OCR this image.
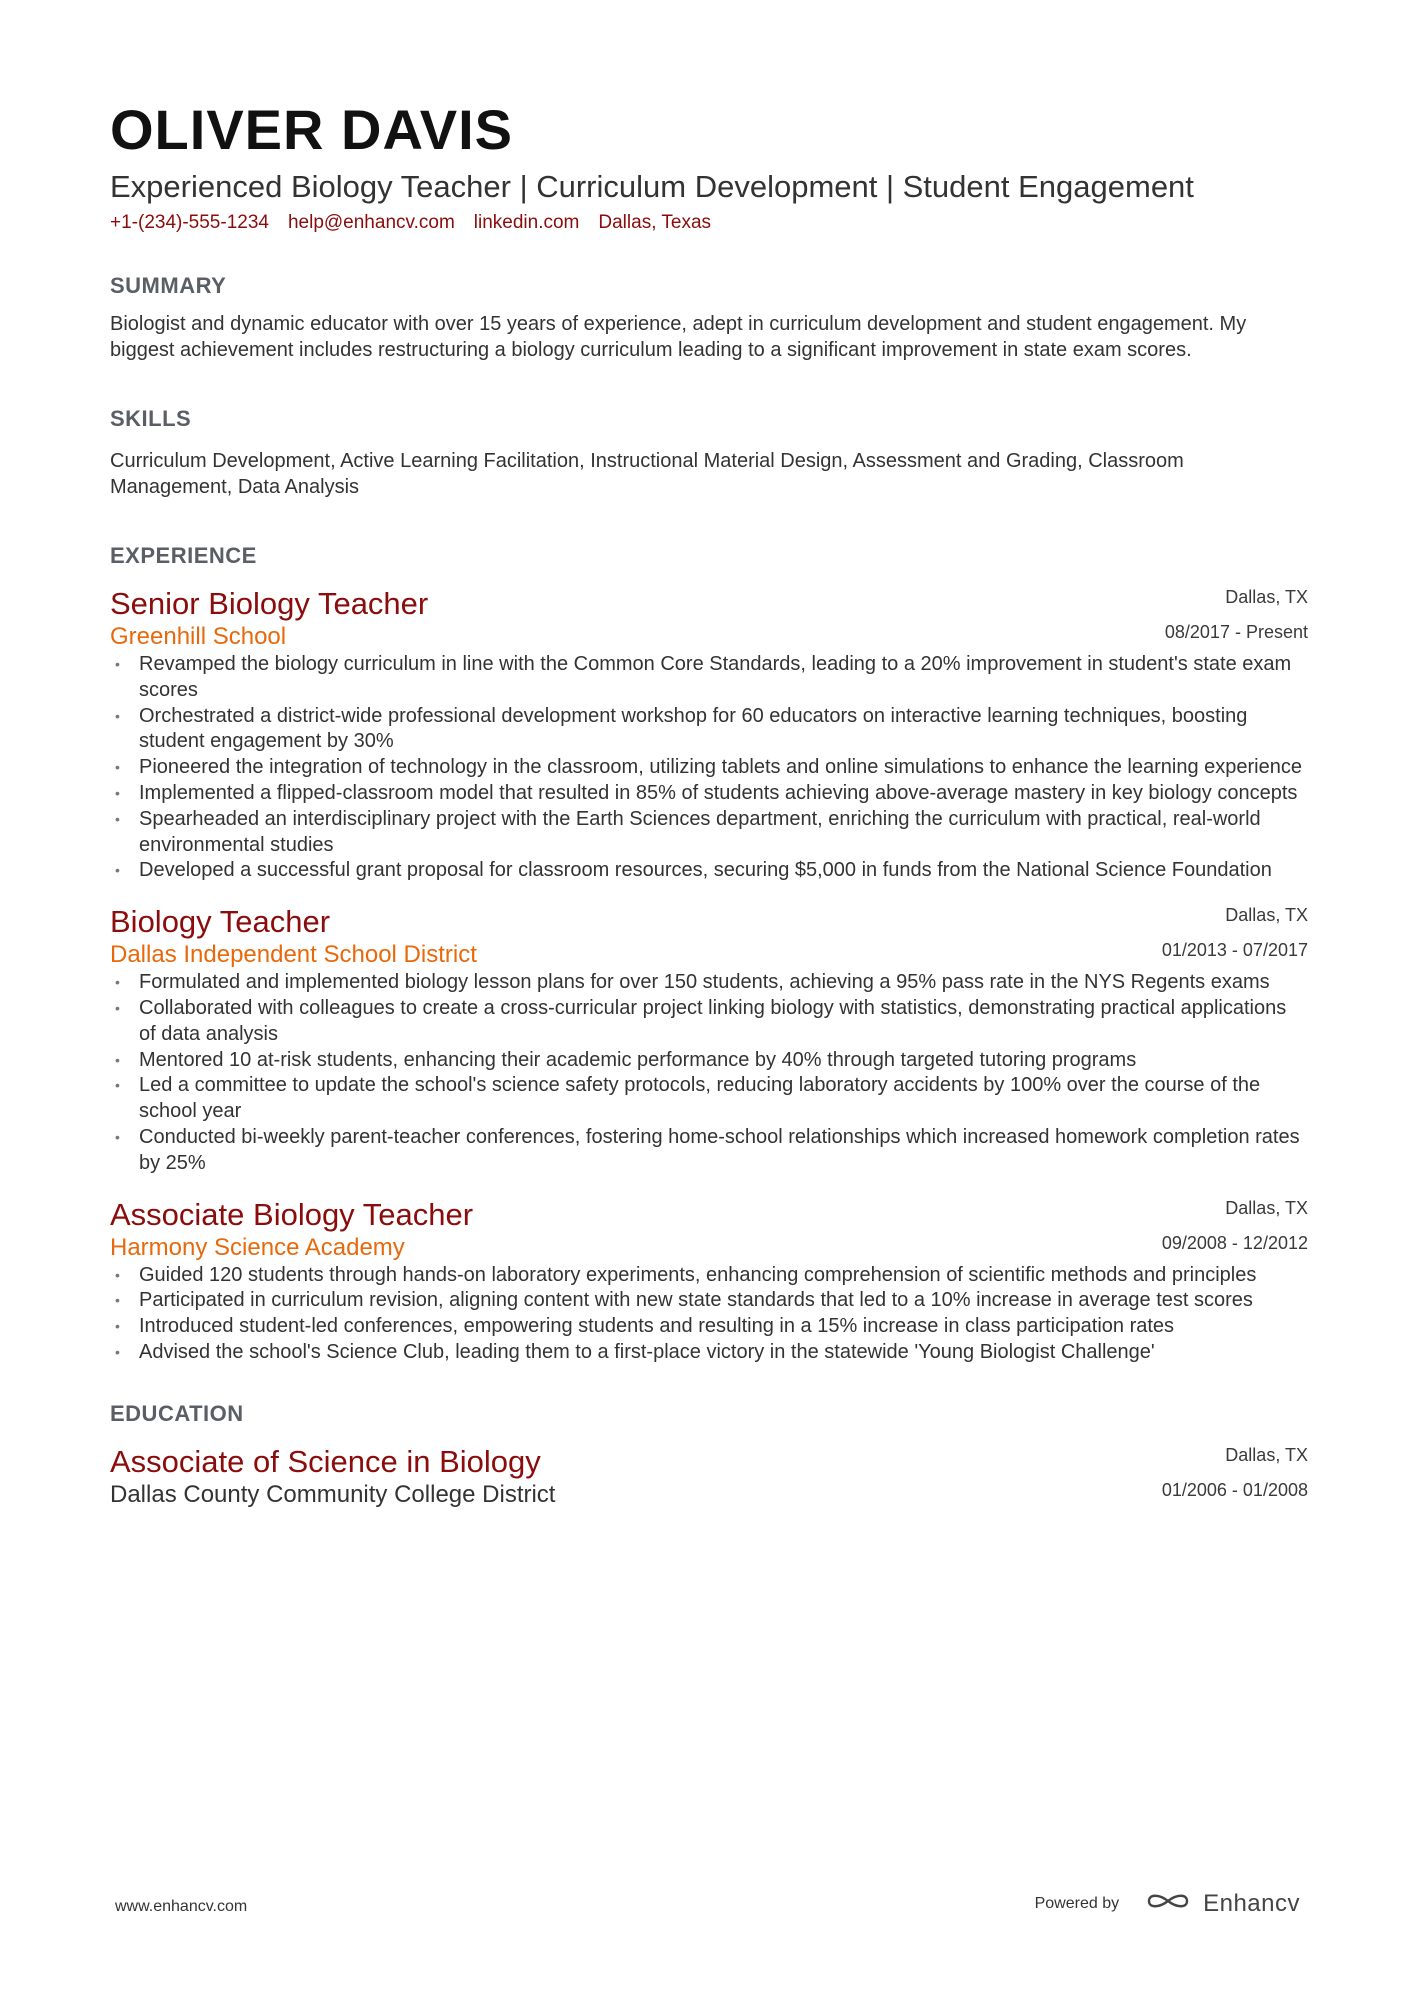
OLIVER DAVIS
Experienced Biology Teacher | Curriculum Development | Student Engagement
+1-(234)-555-1234 help@enhancv.com linkedin.com Dallas, Texas
SUMMARY
Biologist and dynamic educator with over 15 years of experience, adept in curriculum development and student engagement. My biggest achievement includes restructuring a biology curriculum leading to a significant improvement in state exam scores.
SKILLS
Curriculum Development, Active Learning Facilitation, Instructional Material Design, Assessment and Grading, Classroom Management, Data Analysis
EXPERIENCE
Senior Biology Teacher
Greenhill School
Dallas, TX
08/2017 - Present
• Revamped the biology curriculum in line with the Common Core Standards, leading to a 20% improvement in student's state exam scores
• Orchestrated a district-wide professional development workshop for 60 educators on interactive learning techniques, boosting student engagement by 30%
• Pioneered the integration of technology in the classroom, utilizing tablets and online simulations to enhance the learning experience
• Implemented a flipped-classroom model that resulted in 85% of students achieving above-average mastery in key biology concepts
• Spearheaded an interdisciplinary project with the Earth Sciences department, enriching the curriculum with practical, real-world environmental studies
• Developed a successful grant proposal for classroom resources, securing $5,000 in funds from the National Science Foundation
Biology Teacher
Dallas Independent School District
Dallas, TX
01/2013 - 07/2017
• Formulated and implemented biology lesson plans for over 150 students, achieving a 95% pass rate in the NYS Regents exams
• Collaborated with colleagues to create a cross-curricular project linking biology with statistics, demonstrating practical applications of data analysis
• Mentored 10 at-risk students, enhancing their academic performance by 40% through targeted tutoring programs
• Led a committee to update the school's science safety protocols, reducing laboratory accidents by 100% over the course of the school year
• Conducted bi-weekly parent-teacher conferences, fostering home-school relationships which increased homework completion rates by 25%
Associate Biology Teacher
Harmony Science Academy
Dallas, TX
09/2008 - 12/2012
• Guided 120 students through hands-on laboratory experiments, enhancing comprehension of scientific methods and principles
• Participated in curriculum revision, aligning content with new state standards that led to a 10% increase in average test scores
• Introduced student-led conferences, empowering students and resulting in a 15% increase in class participation rates
• Advised the school's Science Club, leading them to a first-place victory in the statewide 'Young Biologist Challenge'
EDUCATION
Associate of Science in Biology
Dallas County Community College District
Dallas, TX
01/2006 - 01/2008
www.enhancv.com	Powered by	Enhancv
